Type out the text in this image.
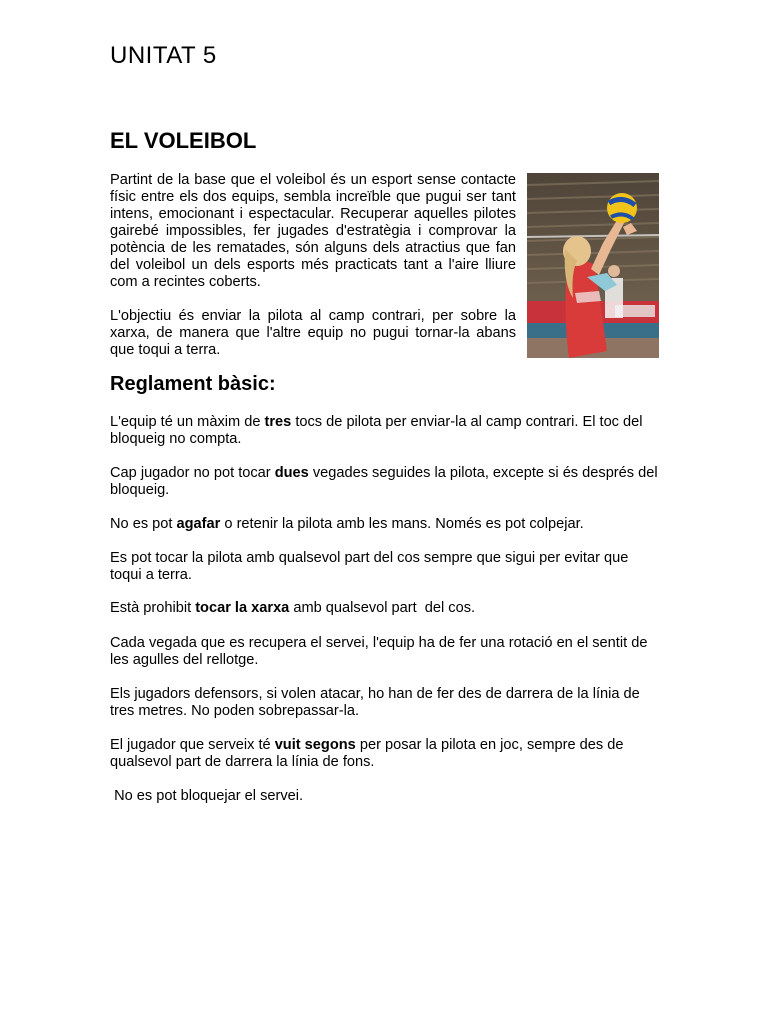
UNITAT 5
EL VOLEIBOL

Partint de la base que el voleibol és un esport sense contacte físic entre els dos equips, sembla increïble que pugui ser tant intens, emocionant i espectacular. Recuperar aquelles pilotes gairebé impossibles, fer jugades d'estratègia i comprovar la potència de les rematades, són alguns dels atractius que fan del voleibol un dels esports més practicats tant a l'aire lliure com a recintes coberts.

L'objectiu és enviar la pilota al camp contrari, per sobre la xarxa, de manera que l'altre equip no pugui tornar-la abans que toqui a terra.

Reglament bàsic:

L'equip té un màxim de tres tocs de pilota per enviar-la al camp contrari. El toc del bloqueig no compta.

Cap jugador no pot tocar dues vegades seguides la pilota, excepte si és després del bloqueig.

No es pot agafar o retenir la pilota amb les mans. Només es pot colpejar.

Es pot tocar la pilota amb qualsevol part del cos sempre que sigui per evitar que toqui a terra.

Està prohibit tocar la xarxa amb qualsevol part  del cos.

Cada vegada que es recupera el servei, l'equip ha de fer una rotació en el sentit de les agulles del rellotge.

Els jugadors defensors, si volen atacar, ho han de fer des de darrera de la línia de tres metres. No poden sobrepassar-la.

El jugador que serveix té vuit segons per posar la pilota en joc, sempre des de qualsevol part de darrera la línia de fons.

No es pot bloquejar el servei.
